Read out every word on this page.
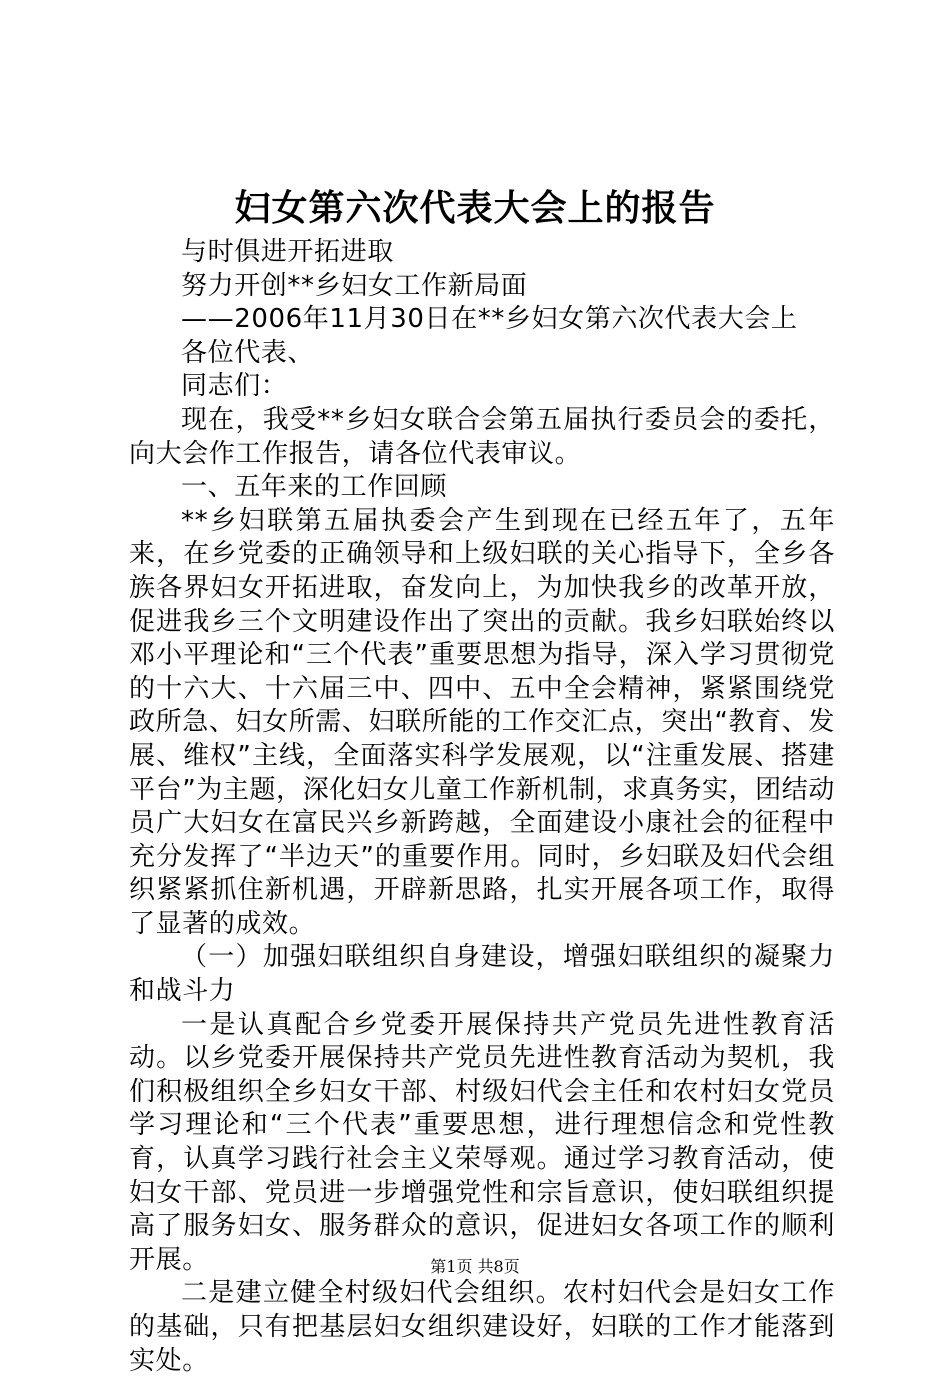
妇女第六次代表大会上的报告

与时俱进开拓进取

努力开创**乡妇女工作新局面

——2006年11月30日在**乡妇女第六次代表大会上

各位代表、

同志们：

现在，我受**乡妇女联合会第五届执行委员会的委托，向大会作工作报告，请各位代表审议。

一、五年来的工作回顾

**乡妇联第五届执委会产生到现在已经五年了，五年来，在乡党委的正确领导和上级妇联的关心指导下，全乡各族各界妇女开拓进取，奋发向上，为加快我乡的改革开放，促进我乡三个文明建设作出了突出的贡献。我乡妇联始终以邓小平理论和“三个代表”重要思想为指导，深入学习贯彻党的十六大、十六届三中、四中、五中全会精神，紧紧围绕党政所急、妇女所需、妇联所能的工作交汇点，突出“教育、发展、维权”主线，全面落实科学发展观，以“注重发展、搭建平台”为主题，深化妇女儿童工作新机制，求真务实，团结动员广大妇女在富民兴乡新跨越，全面建设小康社会的征程中充分发挥了“半边天”的重要作用。同时，乡妇联及妇代会组织紧紧抓住新机遇，开辟新思路，扎实开展各项工作，取得了显著的成效。

（一）加强妇联组织自身建设，增强妇联组织的凝聚力和战斗力

一是认真配合乡党委开展保持共产党员先进性教育活动。以乡党委开展保持共产党员先进性教育活动为契机，我们积极组织全乡妇女干部、村级妇代会主任和农村妇女党员学习理论和“三个代表”重要思想，进行理想信念和党性教育，认真学习践行社会主义荣辱观。通过学习教育活动，使妇女干部、党员进一步增强党性和宗旨意识，使妇联组织提高了服务妇女、服务群众的意识，促进妇女各项工作的顺利开展。

二是建立健全村级妇代会组织。农村妇代会是妇女工作的基础，只有把基层妇女组织建设好，妇联的工作才能落到实处。

第1页 共8页
